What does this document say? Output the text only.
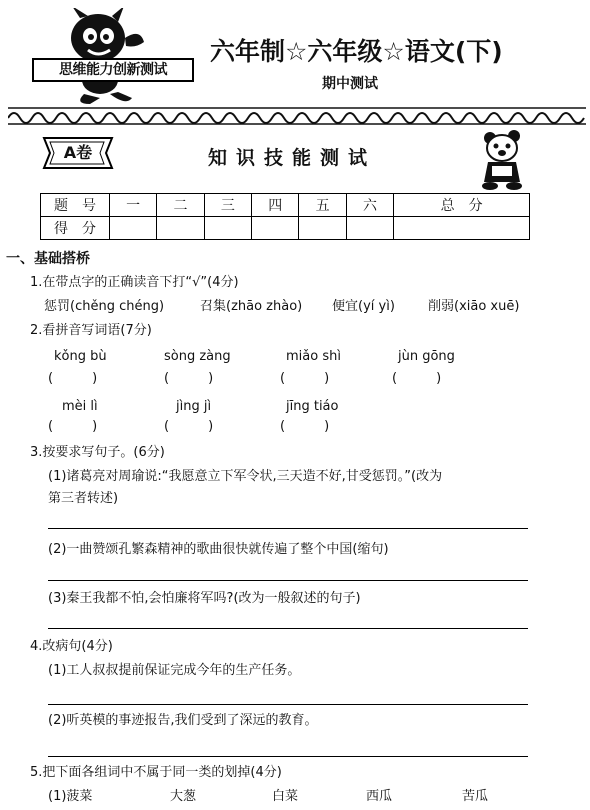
思维能力创新测试
六年制☆六年级☆语文(下)
期中测试
A卷	知识技能测试
题　号	一	二	三	四	五	六	总　分
得　分							
一、基础搭桥
1.在带点字的正确读音下打“√”(4分)
惩罚(chěng chéng)	召集(zhāo zhào) 便宜(yí yì)	削弱(xiāo xuē)
2.看拼音写词语(7分)
kǒng bù	sòng zàng	miǎo shì	jùn gōng
(　　　)	(　　　)	(　　　)	(　　　)
mèi lì	jìng jì	jīng tiáo
(　　　)	(　　　)	(　　　)
3.按要求写句子。(6分)
(1)诸葛亮对周瑜说:“我愿意立下军令状,三天造不好,甘受惩罚。”(改为
第三者转述)
(2)一曲赞颂孔繁森精神的歌曲很快就传遍了整个中国(缩句)
(3)秦王我都不怕,会怕廉将军吗?(改为一般叙述的句子)
4.改病句(4分)
(1)工人叔叔提前保证完成今年的生产任务。
(2)听英模的事迹报告,我们受到了深远的教育。
5.把下面各组词中不属于同一类的划掉(4分)
(1)菠菜	大葱	白菜	西瓜	苦瓜
